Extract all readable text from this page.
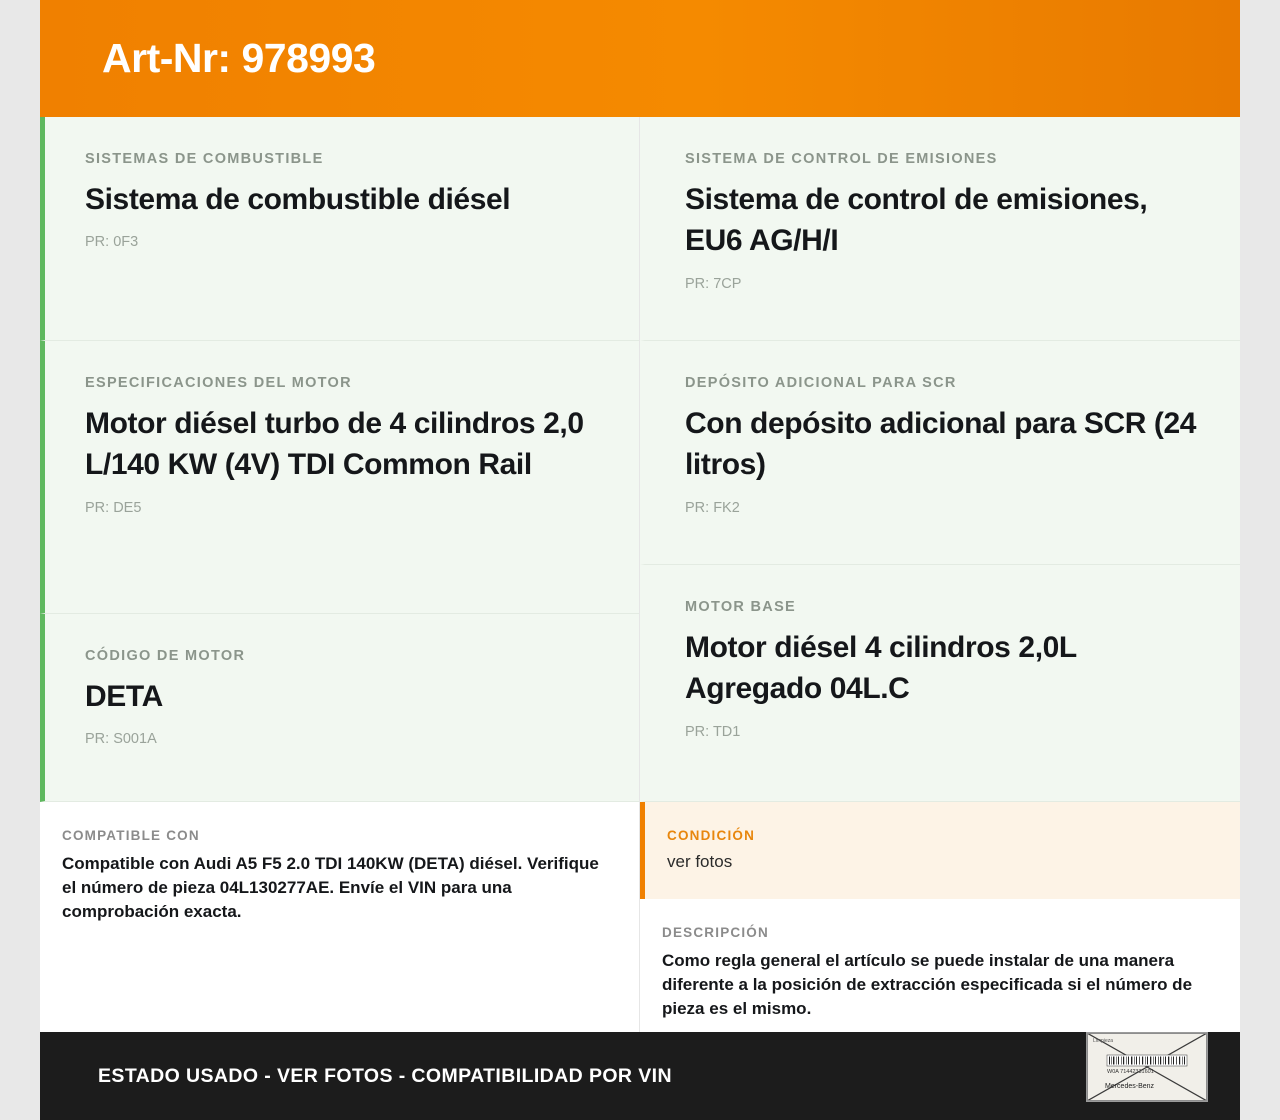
Art-Nr: 978993
SISTEMAS DE COMBUSTIBLE
Sistema de combustible diésel
PR: 0F3
ESPECIFICACIONES DEL MOTOR
Motor diésel turbo de 4 cilindros 2,0 L/140 KW (4V) TDI Common Rail
PR: DE5
CÓDIGO DE MOTOR
DETA
PR: S001A
SISTEMA DE CONTROL DE EMISIONES
Sistema de control de emisiones, EU6 AG/H/I
PR: 7CP
DEPÓSITO ADICIONAL PARA SCR
Con depósito adicional para SCR (24 litros)
PR: FK2
MOTOR BASE
Motor diésel 4 cilindros 2,0L Agregado 04L.C
PR: TD1
COMPATIBLE CON
Compatible con Audi A5 F5 2.0 TDI 140KW (DETA) diésel. Verifique el número de pieza 04L130277AE. Envíe el VIN para una comprobación exacta.
CONDICIÓN
ver fotos
DESCRIPCIÓN
Como regla general el artículo se puede instalar de una manera diferente a la posición de extracción especificada si el número de pieza es el mismo.
ESTADO USADO - VER FOTOS - COMPATIBILIDAD POR VIN
Limpieza
W0A 71442331601
Mercedes-Benz
